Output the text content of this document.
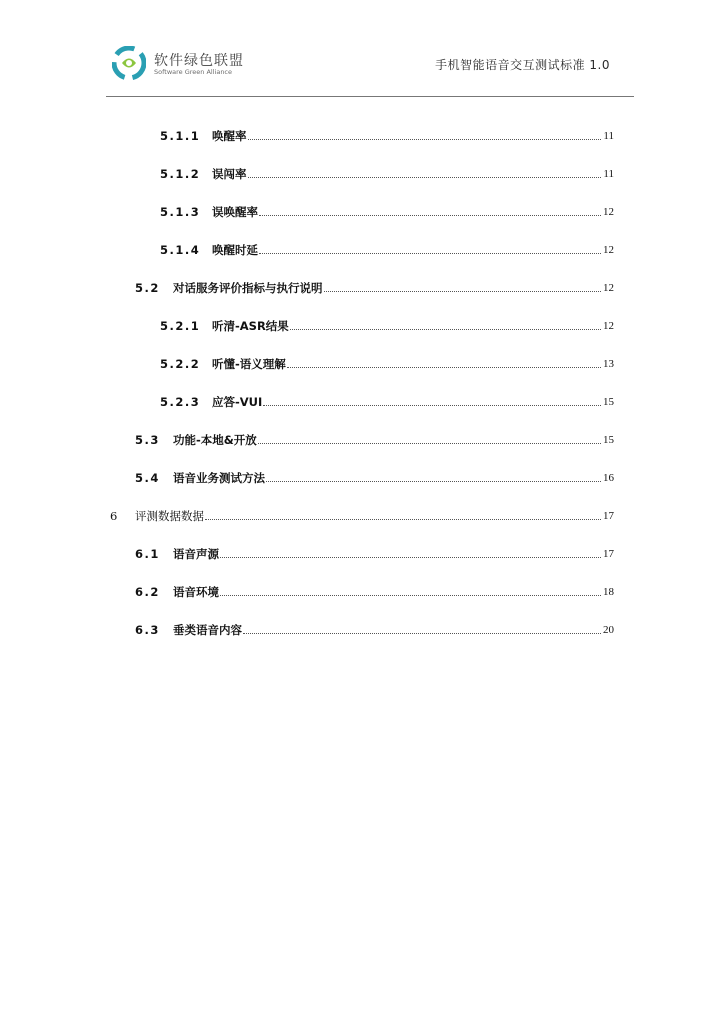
软件绿色联盟
Software Green Alliance	手机智能语音交互测试标准 1.0
5.1.1	唤醒率	11
5.1.2	误闯率	11
5.1.3	误唤醒率	12
5.1.4	唤醒时延	12
5.2	对话服务评价指标与执行说明	12
5.2.1	听清-ASR结果	12
5.2.2	听懂-语义理解	13
5.2.3	应答-VUI	15
5.3	功能-本地&开放	15
5.4	语音业务测试方法	16
6	评测数据数据	17
6.1	语音声源	17
6.2	语音环境	18
6.3	垂类语音内容	20
